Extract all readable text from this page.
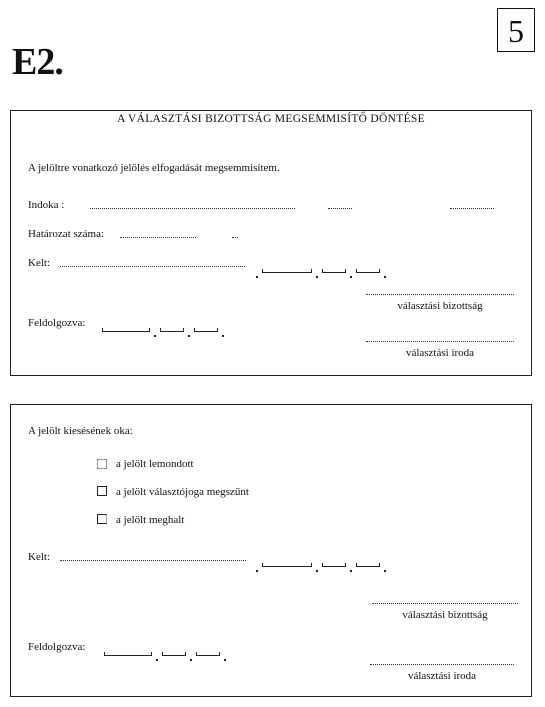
E2.
5
A VÁLASZTÁSI BIZOTTSÁG MEGSEMMISÍTŐ DÖNTÉSE
A jelöltre vonatkozó jelölés elfogadását megsemmisítem.
Indoka :
Határozat száma:
Kelt:
választási bizottság
Feldolgozva:
választási iroda
A jelölt kiesésének oka:
a jelölt lemondott
a jelölt választójoga megszűnt
a jelölt meghalt
Kelt:
választási bizottság
Feldolgozva:
választási iroda
